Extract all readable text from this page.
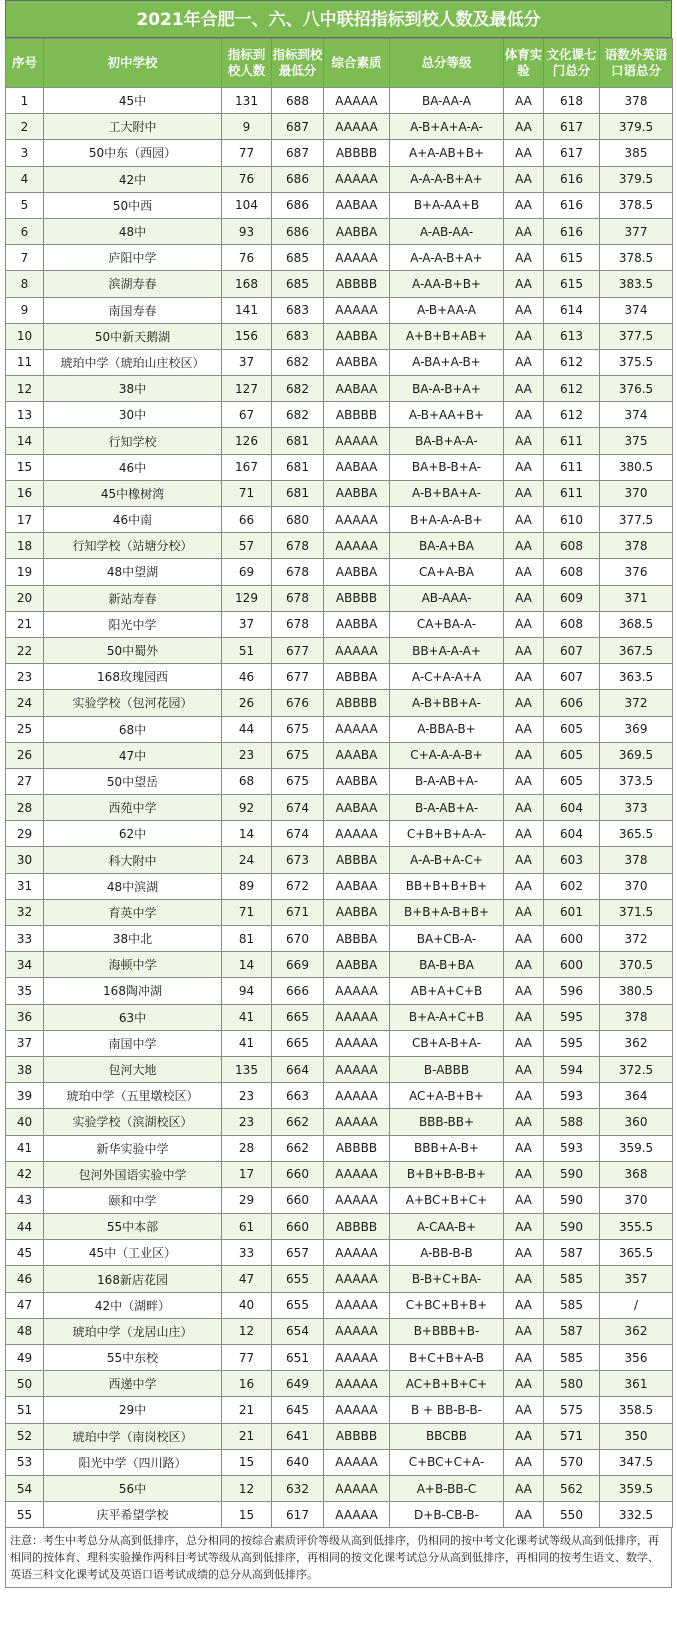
2021年合肥一、六、八中联招指标到校人数及最低分
序号	初中学校	指标到校人数	指标到校最低分	综合素质	总分等级	体育实验	文化课七门总分	语数外英语口语总分
1	45中	131	688	AAAAA	BA-AA-A	AA	618	378
2	工大附中	9	687	AAAAA	A-B+A+A-A-	AA	617	379.5
3	50中东（西园）	77	687	ABBBB	A+A-AB+B+	AA	617	385
4	42中	76	686	AAAAA	A-A-A-B+A+	AA	616	379.5
5	50中西	104	686	AABAA	B+A-AA+B	AA	616	378.5
6	48中	93	686	AABBA	A-AB-AA-	AA	616	377
7	庐阳中学	76	685	AAAAA	A-A-A-B+A+	AA	615	378.5
8	滨湖寿春	168	685	ABBBB	A-AA-B+B+	AA	615	383.5
9	南国寿春	141	683	AAAAA	A-B+AA-A	AA	614	374
10	50中新天鹅湖	156	683	AABBA	A+B+B+AB+	AA	613	377.5
11	琥珀中学（琥珀山庄校区）	37	682	AABBA	A-BA+A-B+	AA	612	375.5
12	38中	127	682	AABAA	BA-A-B+A+	AA	612	376.5
13	30中	67	682	ABBBB	A-B+AA+B+	AA	612	374
14	行知学校	126	681	AAAAA	BA-B+A-A-	AA	611	375
15	46中	167	681	AABAA	BA+B-B+A-	AA	611	380.5
16	45中橡树湾	71	681	AABBA	A-B+BA+A-	AA	611	370
17	46中南	66	680	AAAAA	B+A-A-A-B+	AA	610	377.5
18	行知学校（站塘分校）	57	678	AAAAA	BA-A+BA	AA	608	378
19	48中望湖	69	678	AABBA	CA+A-BA	AA	608	376
20	新站寿春	129	678	ABBBB	AB-AAA-	AA	609	371
21	阳光中学	37	678	AABBA	CA+BA-A-	AA	608	368.5
22	50中蜀外	51	677	AAAAA	BB+A-A-A+	AA	607	367.5
23	168玫瑰园西	46	677	ABBBA	A-C+A-A+A	AA	607	363.5
24	实验学校（包河花园）	26	676	ABBBB	A-B+BB+A-	AA	606	372
25	68中	44	675	AAAAA	A-BBA-B+	AA	605	369
26	47中	23	675	AAABA	C+A-A-A-B+	AA	605	369.5
27	50中望岳	68	675	AABBA	B-A-AB+A-	AA	605	373.5
28	西苑中学	92	674	AABAA	B-A-AB+A-	AA	604	373
29	62中	14	674	AAAAA	C+B+B+A-A-	AA	604	365.5
30	科大附中	24	673	ABBBA	A-A-B+A-C+	AA	603	378
31	48中滨湖	89	672	AABAA	BB+B+B+B+	AA	602	370
32	育英中学	71	671	AABBA	B+B+A-B+B+	AA	601	371.5
33	38中北	81	670	ABBBA	BA+CB-A-	AA	600	372
34	海顿中学	14	669	AABBA	BA-B+BA	AA	600	370.5
35	168陶冲湖	94	666	AAAAA	AB+A+C+B	AA	596	380.5
36	63中	41	665	AAAAA	B+A-A+C+B	AA	595	378
37	南国中学	41	665	AAAAA	CB+A-B+A-	AA	595	362
38	包河大地	135	664	AAAAA	B-ABBB	AA	594	372.5
39	琥珀中学（五里墩校区）	23	663	AAAAA	AC+A-B+B+	AA	593	364
40	实验学校（滨湖校区）	23	662	AAAAA	BBB-BB+	AA	588	360
41	新华实验中学	28	662	ABBBB	BBB+A-B+	AA	593	359.5
42	包河外国语实验中学	17	660	AAAAA	B+B+B-B-B+	AA	590	368
43	颐和中学	29	660	AAAAA	A+BC+B+C+	AA	590	370
44	55中本部	61	660	ABBBB	A-CAA-B+	AA	590	355.5
45	45中（工业区）	33	657	AAAAA	A-BB-B-B	AA	587	365.5
46	168新店花园	47	655	AAAAA	B-B+C+BA-	AA	585	357
47	42中（湖畔）	40	655	AAAAA	C+BC+B+B+	AA	585	/
48	琥珀中学（龙居山庄）	12	654	AAAAA	B+BBB+B-	AA	587	362
49	55中东校	77	651	AAAAA	B+C+B+A-B	AA	585	356
50	西递中学	16	649	AAAAA	AC+B+B+C+	AA	580	361
51	29中	21	645	AAAAA	B + BB-B-B-	AA	575	358.5
52	琥珀中学（南岗校区）	21	641	ABBBB	BBCBB	AA	571	350
53	阳光中学（四川路）	15	640	AAAAA	C+BC+C+A-	AA	570	347.5
54	56中	12	632	AAAAA	A+B-BB-C	AA	562	359.5
55	庆平希望学校	15	617	AAAAA	D+B-CB-B-	AA	550	332.5
注意：考生中考总分从高到低排序，总分相同的按综合素质评价等级从高到低排序，仍相同的按中考文化课考试等级从高到低排序，再相同的按体育、理科实验操作两科目考试等级从高到低排序，再相同的按文化课考试总分从高到低排序，再相同的按考生语文、数学、英语三科文化课考试及英语口语考试成绩的总分从高到低排序。
